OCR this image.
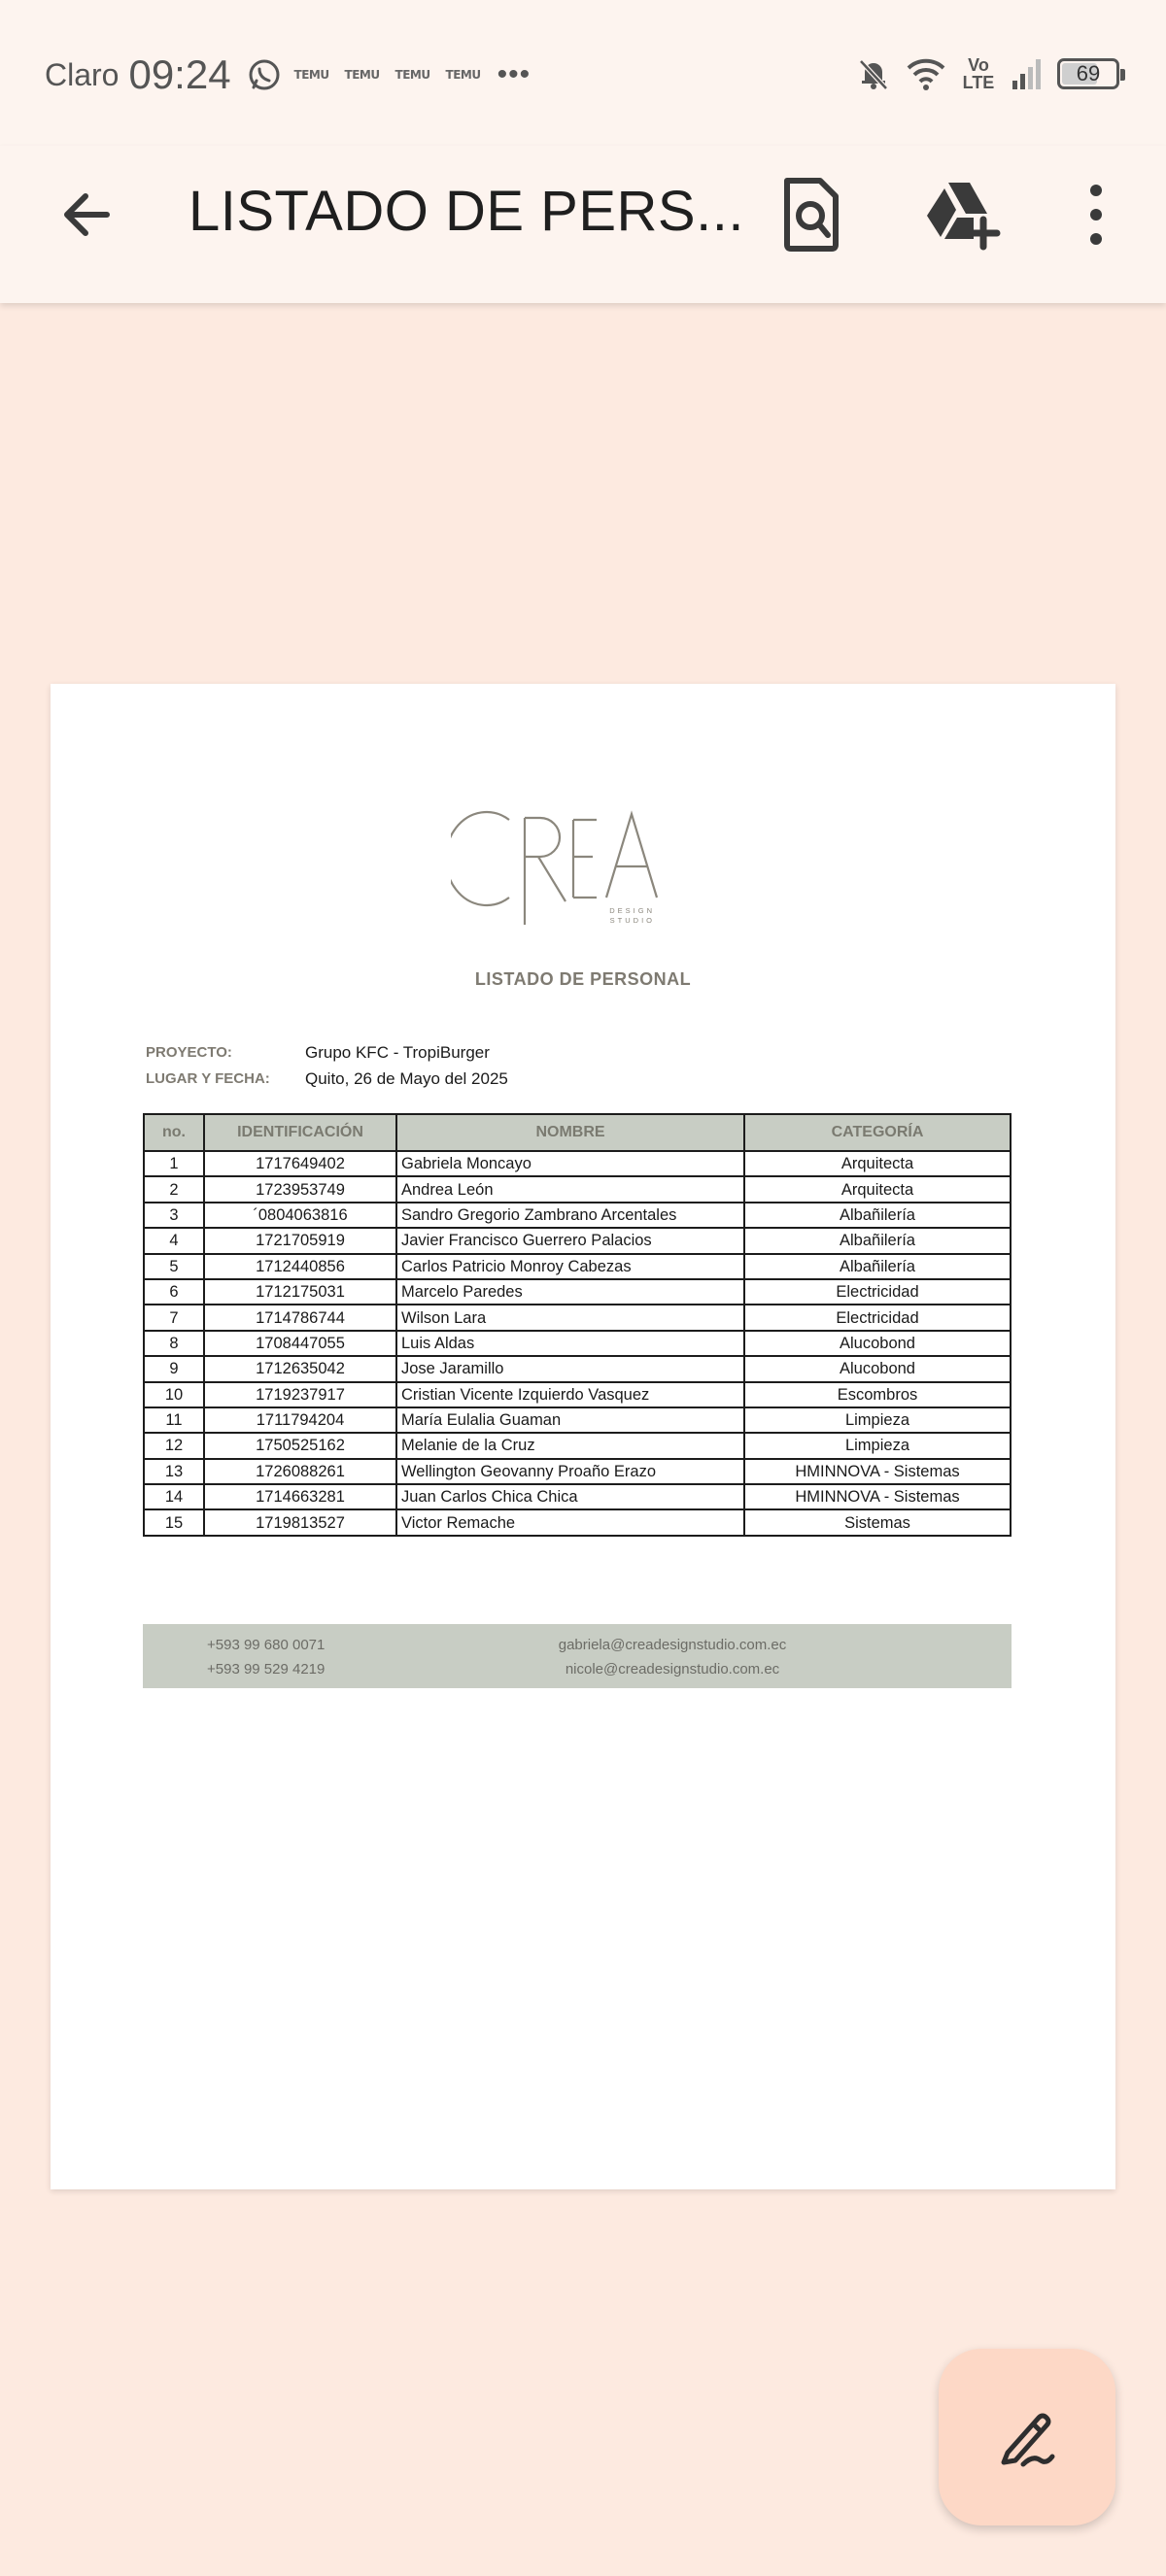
Claro 09:24	TEMU TEMU TEMU TEMU •••	Vo LTE	69
LISTADO DE PERS...
DESIGN
STUDIO
LISTADO DE PERSONAL
PROYECTO:	Grupo KFC - TropiBurger
LUGAR Y FECHA:	Quito, 26 de Mayo del 2025
no.	IDENTIFICACIÓN	NOMBRE	CATEGORÍA
1	1717649402	Gabriela Moncayo	Arquitecta
2	1723953749	Andrea León	Arquitecta
3	´0804063816	Sandro Gregorio Zambrano Arcentales	Albañilería
4	1721705919	Javier Francisco Guerrero Palacios	Albañilería
5	1712440856	Carlos Patricio Monroy Cabezas	Albañilería
6	1712175031	Marcelo Paredes	Electricidad
7	1714786744	Wilson Lara	Electricidad
8	1708447055	Luis Aldas	Alucobond
9	1712635042	Jose Jaramillo	Alucobond
10	1719237917	Cristian Vicente Izquierdo Vasquez	Escombros
11	1711794204	María Eulalia Guaman	Limpieza
12	1750525162	Melanie de la Cruz	Limpieza
13	1726088261	Wellington Geovanny Proaño Erazo	HMINNOVA - Sistemas
14	1714663281	Juan Carlos Chica Chica	HMINNOVA - Sistemas
15	1719813527	Victor Remache	Sistemas
+593 99 680 0071
+593 99 529 4219
gabriela@creadesignstudio.com.ec
nicole@creadesignstudio.com.ec
